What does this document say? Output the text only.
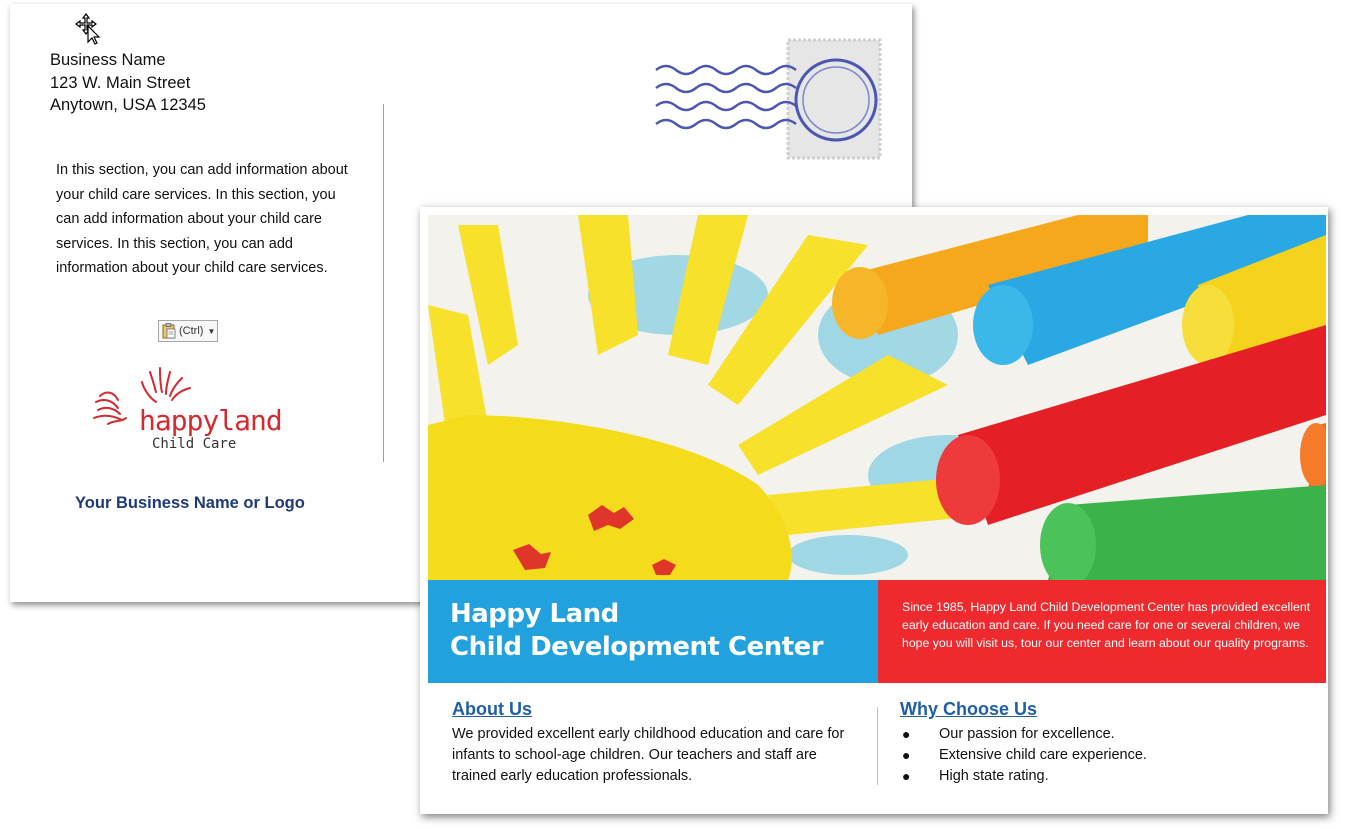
Business Name
123 W. Main Street
Anytown, USA 12345
In this section, you can add information about your child care services. In this section, you can add information about your child care services. In this section, you can add information about your child care services.
(Ctrl) ▼
happyland
Child Care
Your Business Name or Logo
Happy Land
Child Development Center
Since 1985, Happy Land Child Development Center has provided excellent early education and care. If you need care for one or several children, we hope you will visit us, tour our center and learn about our quality programs.
About Us
We provided excellent early childhood education and care for infants to school-age children. Our teachers and staff are trained early education professionals.
Why Choose Us
●	Our passion for excellence.
●	Extensive child care experience.
●	High state rating.
